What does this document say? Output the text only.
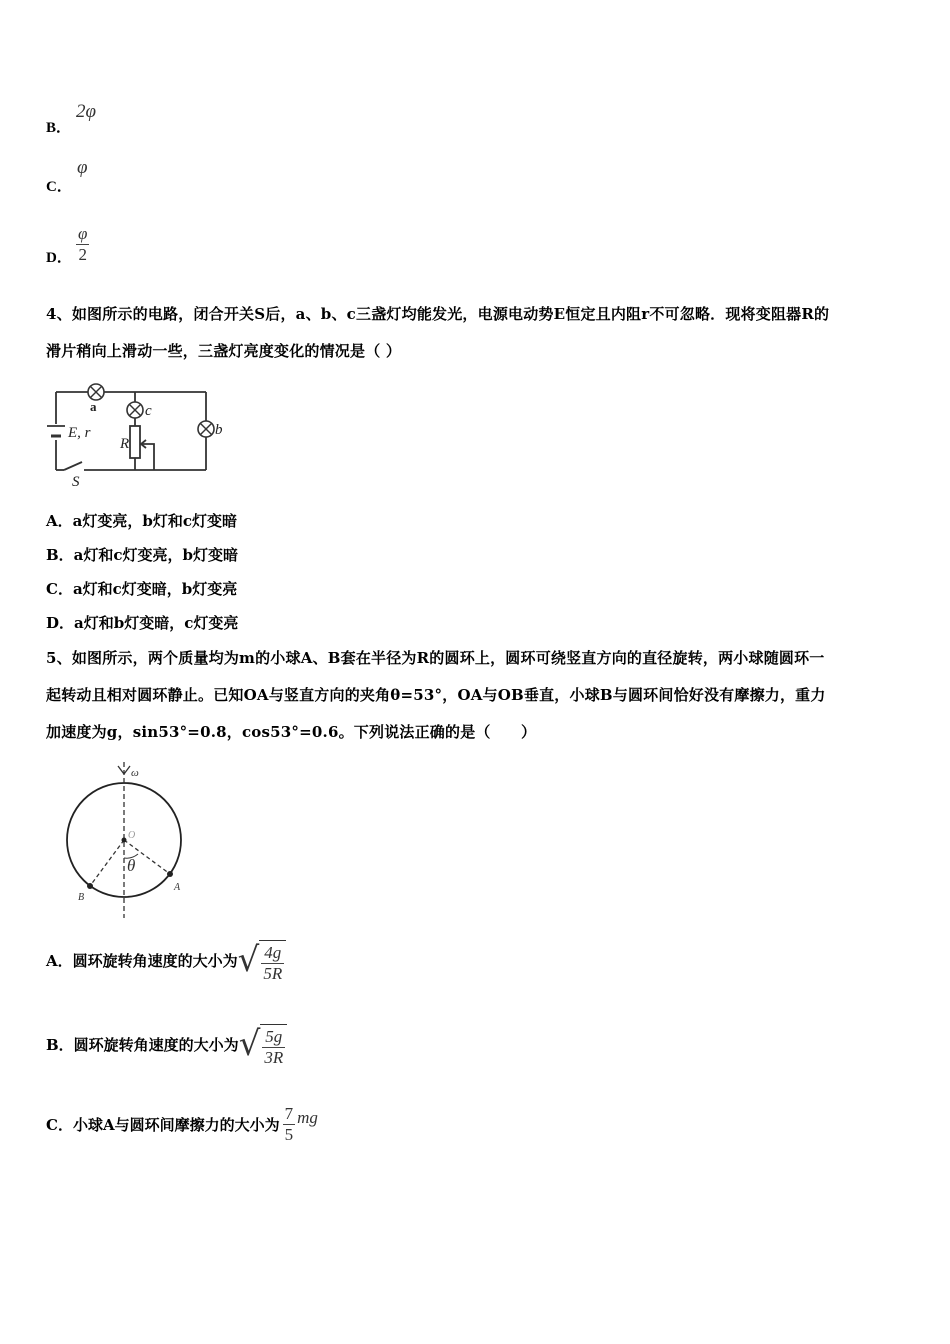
B．
2φ
C．
φ
D． $\frac{\varphi}{2}$
4、如图所示的电路，闭合开关S后，a、b、c三盏灯均能发光，电源电动势E恒定且内阻r不可忽略．现将变阻器R的
滑片稍向上滑动一些，三盏灯亮度变化的情况是（ ）
a	c
b
E, r
R
S
A．a灯变亮，b灯和c灯变暗
B．a灯和c灯变亮，b灯变暗
C．a灯和c灯变暗，b灯变亮
D．a灯和b灯变暗，c灯变亮
5、如图所示，两个质量均为m的小球A、B套在半径为R的圆环上，圆环可绕竖直方向的直径旋转，两小球随圆环一
起转动且相对圆环静止。已知OA与竖直方向的夹角θ=53°，OA与OB垂直，小球B与圆环间恰好没有摩擦力，重力
加速度为g，sin53°=0.8，cos53°=0.6。下列说法正确的是（　　）
ω
O
θ
A
B
A．圆环旋转角速度的大小为 √ $\frac{4g}{5R}$
B．圆环旋转角速度的大小为 √ $\frac{5g}{3R}$
C．小球A与圆环间摩擦力的大小为 $\frac{7}{5}$ mg
